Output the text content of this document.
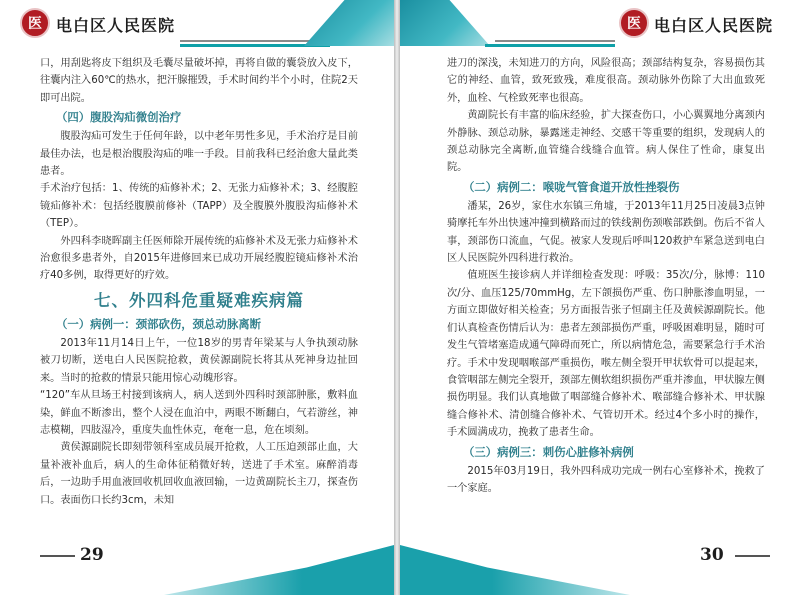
医 电白区人民医院

口，用刮匙将皮下组织及毛囊尽量破坏掉，再将自做的囊袋放入皮下，往囊内注入60℃的热水，把汗腺摧毁，手术时间约半个小时，住院2天即可出院。

（四）腹股沟疝微创治疗

腹股沟疝可发生于任何年龄，以中老年男性多见，手术治疗是目前最佳办法，也是根治腹股沟疝的唯一手段。目前我科已经治愈大量此类患者。

手术治疗包括：1、传统的疝修补术；2、无张力疝修补术；3、经腹腔镜疝修补术：包括经腹膜前修补（TAPP）及全腹膜外腹股沟疝修补术（TEP）。

外四科李晓晖副主任医师除开展传统的疝修补术及无张力疝修补术治愈很多患者外，自2015年进修回来已成功开展经腹腔镜疝修补术治疗40多例，取得更好的疗效。

七、外四科危重疑难疾病篇
（一）病例一：颈部砍伤，颈总动脉离断

2013年11月14日上午，一位18岁的男青年梁某与人争执颈动脉被刀切断，送电白人民医院抢救，黄侯源副院长将其从死神身边扯回来。当时的抢救的情景只能用惊心动魄形容。

“120”车从旦场王村接到该病人，病人送到外四科时颈部肿胀，敷料血染，鲜血不断渗出，整个人浸在血泊中，两眼不断翻白，气若游丝，神志模糊，四肢湿冷，重度失血性休克，奄奄一息，危在顷刻。

黄侯源副院长即刻带领科室成员展开抢救，人工压迫颈部止血，大量补液补血后，病人的生命体征稍微好转，送进了手术室。麻醉消毒后，一边助手用血液回收机回收血液回输，一边黄副院长主刀，探查伤口。表面伤口长约3cm，未知

29
医 电白区人民医院

进刀的深浅，未知进刀的方向，风险很高；颈部结构复杂，容易损伤其它的神经、血管，致死致残，难度很高。颈动脉外伤除了大出血致死外，血栓、气栓致死率也很高。

黄副院长有丰富的临床经验，扩大探查伤口，小心翼翼地分离颈内外静脉、颈总动脉，暴露迷走神经、交感干等重要的组织，发现病人的颈总动脉完全离断,血管缝合线缝合血管。病人保住了性命，康复出院。

（二）病例二：喉咙气管食道开放性挫裂伤

潘某，26岁，家住水东镇三角墟，于2013年11月25日凌晨3点钟骑摩托车外出快速冲撞到横路而过的铁线割伤颈喉部跌倒。伤后不省人事，颈部伤口流血，气促。被家人发现后呼叫120救护车紧急送到电白区人民医院外四科进行救治。

值班医生接诊病人并详细检查发现：呼吸：35次/分，脉博：110次/分、血压125/70mmHg，左下颌损伤严重、伤口肿胀渗血明显，一方面立即做好相关检查；另方面报告张子恒副主任及黄候源副院长。他们认真检查伤情后认为：患者左颈部损伤严重，呼吸困难明显，随时可发生气管堵塞造成通气障碍而死亡，所以病情危急，需要紧急行手术治疗。手术中发现咽喉部严重损伤，喉左侧全裂开甲状软骨可以提起来，食管咽部左侧完全裂开，颈部左侧软组织损伤严重并渗血，甲状腺左侧损伤明显。我们认真地做了咽部缝合修补术、喉部缝合修补术、甲状腺缝合修补术、清创缝合修补术、气管切开术。经过4个多小时的操作，手术圆满成功，挽救了患者生命。

（三）病例三：刺伤心脏修补病例

2015年03月19日，我外四科成功完成一例右心室修补术，挽救了一个家庭。

30
